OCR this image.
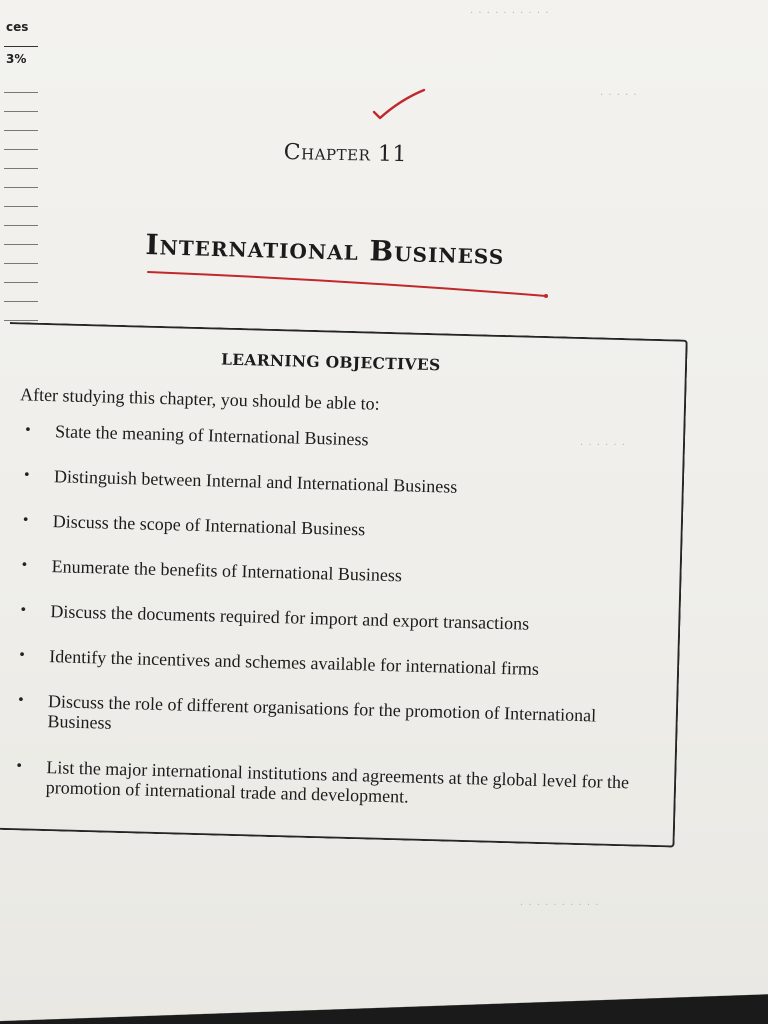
ces
3%
· · · · · · · · · ·
· · · · ·
· · · · · ·
· · · · · · · · · ·
Chapter 11
International Business
LEARNING OBJECTIVES
After studying this chapter, you should be able to:
• State the meaning of International Business
• Distinguish between Internal and International Business
• Discuss the scope of International Business
• Enumerate the benefits of International Business
• Discuss the documents required for import and export transactions
• Identify the incentives and schemes available for international firms
• Discuss the role of different organisations for the promotion of International Business
• List the major international institutions and agreements at the global level for the promotion of international trade and development.
